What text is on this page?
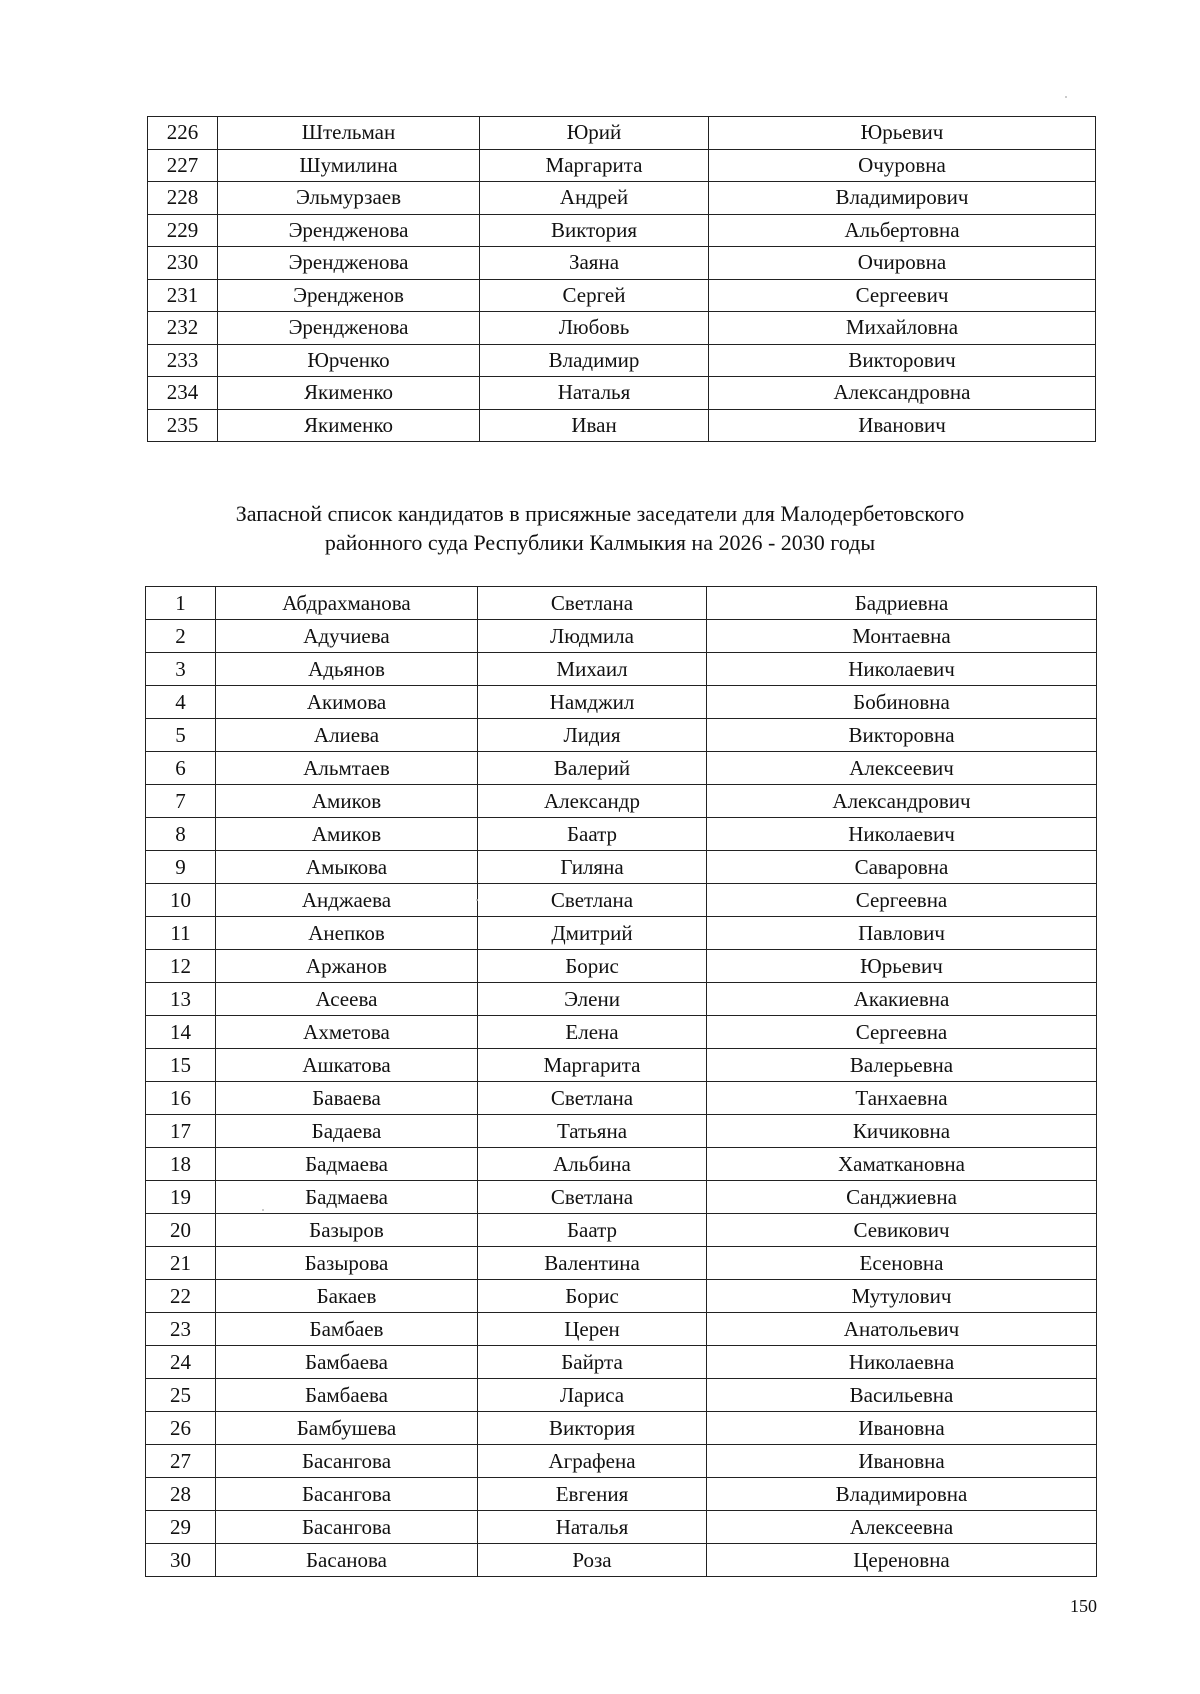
226	Штельман	Юрий	Юрьевич
227	Шумилина	Маргарита	Очуровна
228	Эльмурзаев	Андрей	Владимирович
229	Эрендженова	Виктория	Альбертовна
230	Эрендженова	Заяна	Очировна
231	Эрендженов	Сергей	Сергеевич
232	Эрендженова	Любовь	Михайловна
233	Юрченко	Владимир	Викторович
234	Якименко	Наталья	Александровна
235	Якименко	Иван	Иванович
Запасной список кандидатов в присяжные заседатели для Малодербетовского
районного суда Республики Калмыкия на 2026 - 2030 годы
1	Абдрахманова	Светлана	Бадриевна
2	Адучиева	Людмила	Монтаевна
3	Адьянов	Михаил	Николаевич
4	Акимова	Намджил	Бобиновна
5	Алиева	Лидия	Викторовна
6	Альмтаев	Валерий	Алексеевич
7	Амиков	Александр	Александрович
8	Амиков	Баатр	Николаевич
9	Амыкова	Гиляна	Саваровна
10	Анджаева	Светлана	Сергеевна
11	Анепков	Дмитрий	Павлович
12	Аржанов	Борис	Юрьевич
13	Асеева	Элени	Акакиевна
14	Ахметова	Елена	Сергеевна
15	Ашкатова	Маргарита	Валерьевна
16	Баваева	Светлана	Танхаевна
17	Бадаева	Татьяна	Кичиковна
18	Бадмаева	Альбина	Хаматкановна
19	Бадмаева	Светлана	Санджиевна
20	Базыров	Баатр	Севикович
21	Базырова	Валентина	Есеновна
22	Бакаев	Борис	Мутулович
23	Бамбаев	Церен	Анатольевич
24	Бамбаева	Байрта	Николаевна
25	Бамбаева	Лариса	Васильевна
26	Бамбушева	Виктория	Ивановна
27	Басангова	Аграфена	Ивановна
28	Басангова	Евгения	Владимировна
29	Басангова	Наталья	Алексеевна
30	Басанова	Роза	Цереновна
150
